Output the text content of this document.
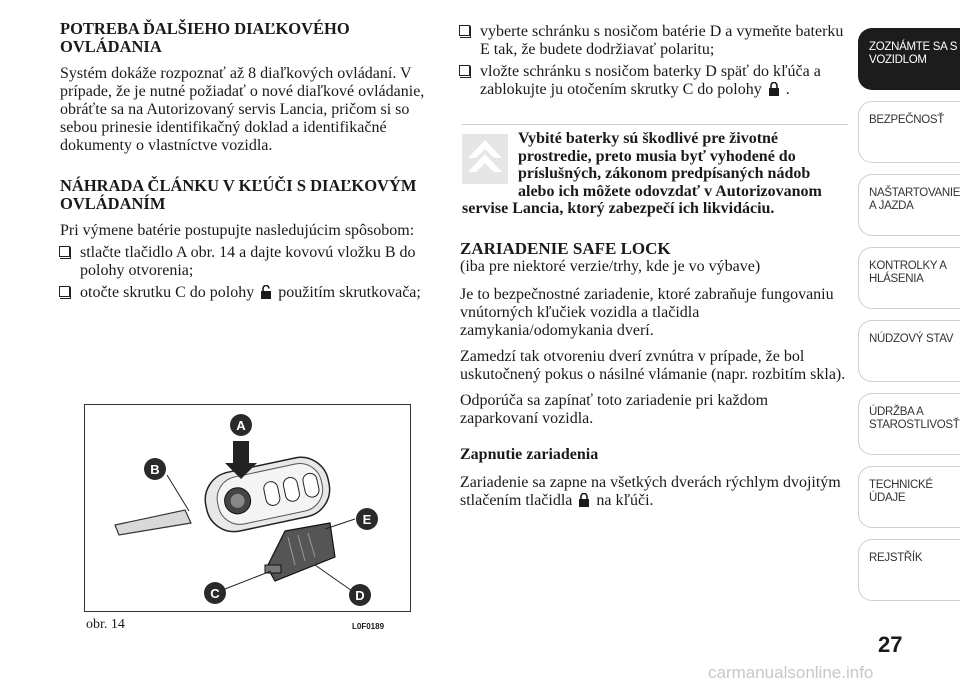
POTREBA ĎALŠIEHO DIAĽKOVÉHO OVLÁDANIA

Systém dokáže rozpoznať až 8 diaľkových ovládaní. V prípade, že je nutné požiadať o nové diaľkové ovládanie, obráťte sa na Autorizovaný servis Lancia, pričom si so sebou prinesie identifikačný doklad a identifikačné dokumenty o vlastníctve vozidla.

NÁHRADA ČLÁNKU V KĽÚČI S DIAĽKOVÝM OVLÁDANÍM

Pri výmene batérie postupujte nasledujúcim spôsobom:

stlačte tlačidlo A obr. 14 a dajte kovovú vložku B do polohy otvorenia;

otočte skrutku C do polohy použitím skrutkovača;

A
B
E
C	D
obr. 14	L0F0189

vyberte schránku s nosičom batérie D a vymeňte baterku E tak, že budete dodržiavať polaritu;

vložte schránku s nosičom baterky D späť do kľúča a zablokujte ju otočením skrutky C do polohy .

Vybité baterky sú škodlivé pre životné prostredie, preto musia byť vyhodené do príslušných, zákonom predpísaných nádob alebo ich môžete odovzdať v Autorizovanom servise Lancia, ktorý zabezpečí ich likvidáciu.

ZARIADENIE SAFE LOCK

(iba pre niektoré verzie/trhy, kde je vo výbave)

Je to bezpečnostné zariadenie, ktoré zabraňuje fungovaniu vnútorných kľučiek vozidla a tlačidla zamykania/odomykania dverí.

Zamedzí tak otvoreniu dverí zvnútra v prípade, že bol uskutočnený pokus o násilné vlámanie (napr. rozbitím skla).

Odporúča sa zapínať toto zariadenie pri každom zaparkovaní vozidla.

Zapnutie zariadenia

Zariadenie sa zapne na všetkých dverách rýchlym dvojitým stlačením tlačidla na kľúči.

ZOZNÁMTE SA S VOZIDLOM
BEZPEČNOSŤ
NAŠTARTOVANIE A JAZDA
KONTROLKY A HLÁSENIA
NÚDZOVÝ STAV
ÚDRŽBA A STAROSTLIVOSŤ
TECHNICKÉ ÚDAJE
REJSTŘÍK
27
carmanualsonline.info
